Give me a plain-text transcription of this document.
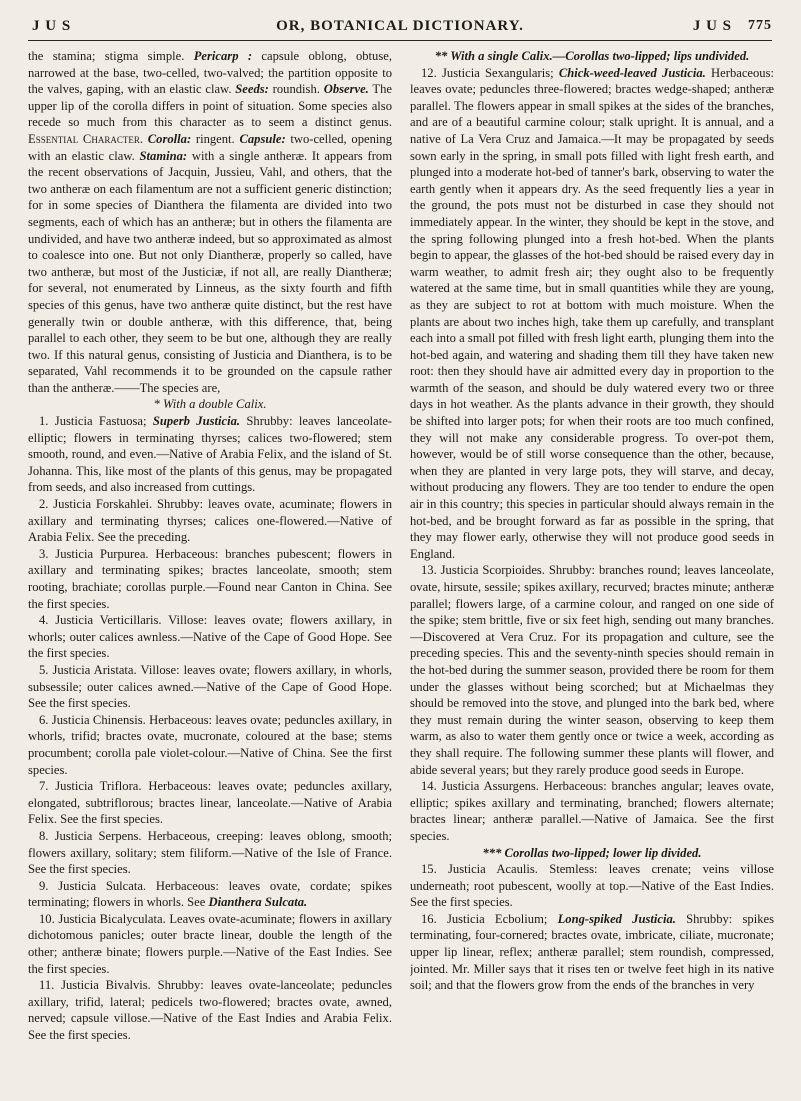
J U S	OR, BOTANICAL DICTIONARY.	J U S 775

the stamina; stigma simple. Pericarp : capsule oblong, obtuse, narrowed at the base, two-celled, two-valved; the partition opposite to the valves, gaping, with an elastic claw. Seeds: roundish. Observe. The upper lip of the corolla differs in point of situation. Some species also recede so much from this character as to seem a distinct genus. Essential Character. Corolla: ringent. Capsule: two-celled, opening with an elastic claw. Stamina: with a single antheræ. It appears from the recent observations of Jacquin, Jussieu, Vahl, and others, that the two antheræ on each filamentum are not a sufficient generic distinction; for in some species of Dianthera the filamenta are divided into two segments, each of which has an antheræ; but in others the filamenta are undivided, and have two antheræ indeed, but so approximated as almost to coalesce into one. But not only Diantheræ, properly so called, have two antheræ, but most of the Justiciæ, if not all, are really Diantheræ; for several, not enumerated by Linneus, as the sixty fourth and fifth species of this genus, have two antheræ quite distinct, but the rest have generally twin or double antheræ, with this difference, that, being parallel to each other, they seem to be but one, although they are really two. If this natural genus, consisting of Justicia and Dianthera, is to be separated, Vahl recommends it to be grounded on the capsule rather than the antheræ.——The species are,

* With a double Calix.

1. Justicia Fastuosa; Superb Justicia. Shrubby: leaves lanceolate-elliptic; flowers in terminating thyrses; calices two-flowered; stem smooth, round, and even.—Native of Arabia Felix, and the island of St. Johanna. This, like most of the plants of this genus, may be propagated from seeds, and also increased from cuttings.

2. Justicia Forskahlei. Shrubby: leaves ovate, acuminate; flowers in axillary and terminating thyrses; calices one-flowered.—Native of Arabia Felix. See the preceding.

3. Justicia Purpurea. Herbaceous: branches pubescent; flowers in axillary and terminating spikes; bractes lanceolate, smooth; stem rooting, brachiate; corollas purple.—Found near Canton in China. See the first species.

4. Justicia Verticillaris. Villose: leaves ovate; flowers axillary, in whorls; outer calices awnless.—Native of the Cape of Good Hope. See the first species.

5. Justicia Aristata. Villose: leaves ovate; flowers axillary, in whorls, subsessile; outer calices awned.—Native of the Cape of Good Hope. See the first species.

6. Justicia Chinensis. Herbaceous: leaves ovate; peduncles axillary, in whorls, trifid; bractes ovate, mucronate, coloured at the base; stems procumbent; corolla pale violet-colour.—Native of China. See the first species.

7. Justicia Triflora. Herbaceous: leaves ovate; peduncles axillary, elongated, subtriflorous; bractes linear, lanceolate.—Native of Arabia Felix. See the first species.

8. Justicia Serpens. Herbaceous, creeping: leaves oblong, smooth; flowers axillary, solitary; stem filiform.—Native of the Isle of France. See the first species.

9. Justicia Sulcata. Herbaceous: leaves ovate, cordate; spikes terminating; flowers in whorls. See Dianthera Sulcata.

10. Justicia Bicalyculata. Leaves ovate-acuminate; flowers in axillary dichotomous panicles; outer bracte linear, double the length of the other; antheræ binate; flowers purple.—Native of the East Indies. See the first species.

11. Justicia Bivalvis. Shrubby: leaves ovate-lanceolate; peduncles axillary, trifid, lateral; pedicels two-flowered; bractes ovate, awned, nerved; capsule villose.—Native of the East Indies and Arabia Felix. See the first species.

** With a single Calix.—Corollas two-lipped; lips undivided.

12. Justicia Sexangularis; Chick-weed-leaved Justicia. Herbaceous: leaves ovate; peduncles three-flowered; bractes wedge-shaped; antheræ parallel. The flowers appear in small spikes at the sides of the branches, and are of a beautiful carmine colour; stalk upright. It is annual, and a native of La Vera Cruz and Jamaica.—It may be propagated by seeds sown early in the spring, in small pots filled with light fresh earth, and plunged into a moderate hot-bed of tanner's bark, observing to water the earth gently when it appears dry. As the seed frequently lies a year in the ground, the pots must not be disturbed in case they should not immediately appear. In the winter, they should be kept in the stove, and the spring following plunged into a fresh hot-bed. When the plants begin to appear, the glasses of the hot-bed should be raised every day in warm weather, to admit fresh air; they ought also to be frequently watered at the same time, but in small quantities while they are young, as they are subject to rot at bottom with much moisture. When the plants are about two inches high, take them up carefully, and transplant each into a small pot filled with fresh light earth, plunging them into the hot-bed again, and watering and shading them till they have taken new root: then they should have air admitted every day in proportion to the warmth of the season, and should be duly watered every two or three days in hot weather. As the plants advance in their growth, they should be shifted into larger pots; for when their roots are too much confined, they will not make any considerable progress. To over-pot them, however, would be of still worse consequence than the other, because, when they are planted in very large pots, they will starve, and decay, without producing any flowers. They are too tender to endure the open air in this country; this species in particular should always remain in the hot-bed, and be brought forward as far as possible in the spring, that they may flower early, otherwise they will not produce good seeds in England.

13. Justicia Scorpioides. Shrubby: branches round; leaves lanceolate, ovate, hirsute, sessile; spikes axillary, recurved; bractes minute; antheræ parallel; flowers large, of a carmine colour, and ranged on one side of the spike; stem brittle, five or six feet high, sending out many branches.—Discovered at Vera Cruz. For its propagation and culture, see the preceding species. This and the seventy-ninth species should remain in the hot-bed during the summer season, provided there be room for them under the glasses without being scorched; but at Michaelmas they should be removed into the stove, and plunged into the bark bed, where they must remain during the winter season, observing to keep them warm, as also to water them gently once or twice a week, according as they shall require. The following summer these plants will flower, and abide several years; but they rarely produce good seeds in Europe.

14. Justicia Assurgens. Herbaceous: branches angular; leaves ovate, elliptic; spikes axillary and terminating, branched; flowers alternate; bractes linear; antheræ parallel.—Native of Jamaica. See the first species.

*** Corollas two-lipped; lower lip divided.

15. Justicia Acaulis. Stemless: leaves crenate; veins villose underneath; root pubescent, woolly at top.—Native of the East Indies. See the first species.

16. Justicia Ecbolium; Long-spiked Justicia. Shrubby: spikes terminating, four-cornered; bractes ovate, imbricate, ciliate, mucronate; upper lip linear, reflex; antheræ parallel; stem roundish, compressed, jointed. Mr. Miller says that it rises ten or twelve feet high in its native soil; and that the flowers grow from the ends of the branches in very
